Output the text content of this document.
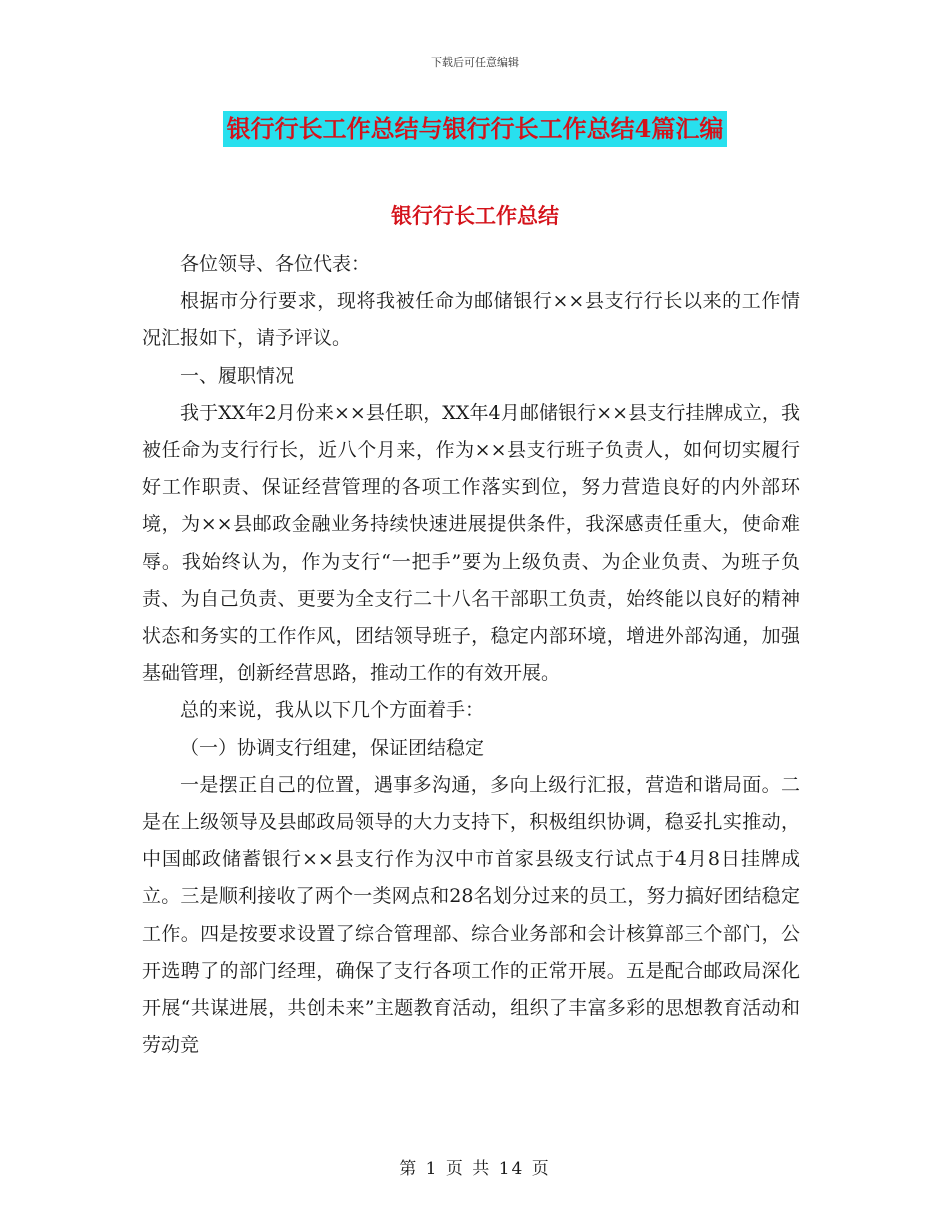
下载后可任意编辑
银行行长工作总结与银行行长工作总结4篇汇编
银行行长工作总结

各位领导、各位代表：

根据市分行要求，现将我被任命为邮储银行××县支行行长以来的工作情况汇报如下，请予评议。

一、履职情况

我于XX年2月份来××县任职，XX年4月邮储银行××县支行挂牌成立，我被任命为支行行长，近八个月来，作为××县支行班子负责人，如何切实履行好工作职责、保证经营管理的各项工作落实到位，努力营造良好的内外部环境，为××县邮政金融业务持续快速进展提供条件，我深感责任重大，使命难辱。我始终认为，作为支行“一把手”要为上级负责、为企业负责、为班子负责、为自己负责、更要为全支行二十八名干部职工负责，始终能以良好的精神状态和务实的工作作风，团结领导班子，稳定内部环境，增进外部沟通，加强基础管理，创新经营思路，推动工作的有效开展。

总的来说，我从以下几个方面着手：

（一）协调支行组建，保证团结稳定

一是摆正自己的位置，遇事多沟通，多向上级行汇报，营造和谐局面。二是在上级领导及县邮政局领导的大力支持下，积极组织协调，稳妥扎实推动，中国邮政储蓄银行××县支行作为汉中市首家县级支行试点于4月8日挂牌成立。三是顺利接收了两个一类网点和28名划分过来的员工，努力搞好团结稳定工作。四是按要求设置了综合管理部、综合业务部和会计核算部三个部门，公开选聘了的部门经理，确保了支行各项工作的正常开展。五是配合邮政局深化开展“共谋进展，共创未来”主题教育活动，组织了丰富多彩的思想教育活动和劳动竞

第 1 页 共 14 页
